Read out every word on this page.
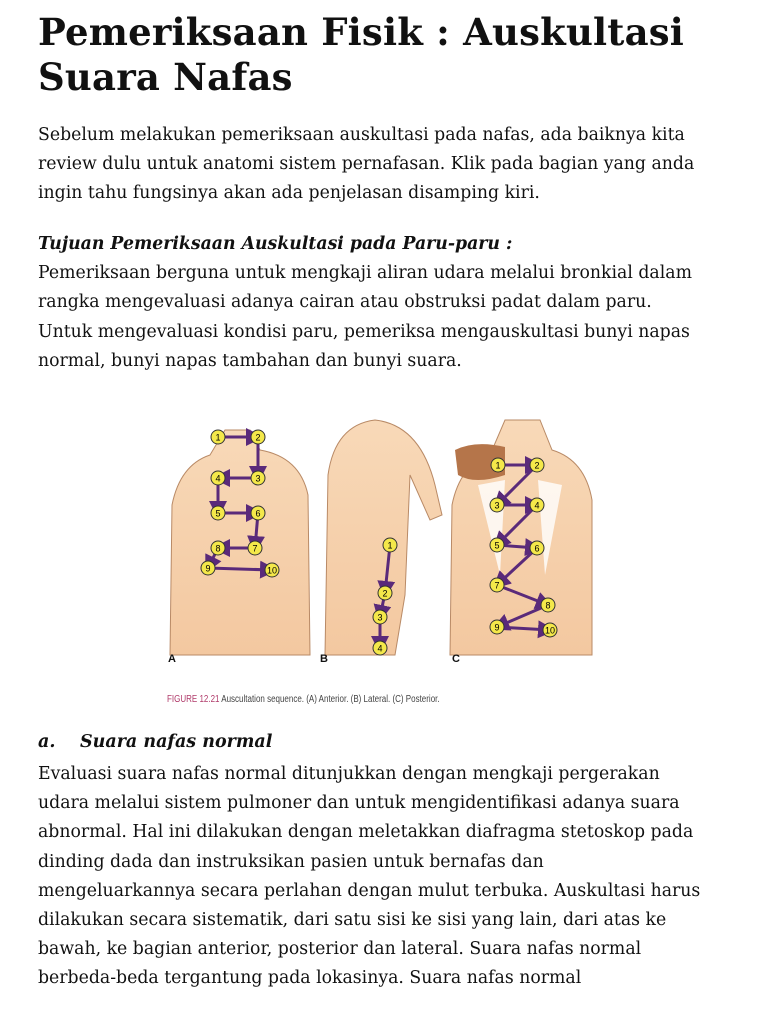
Pemeriksaan Fisik : Auskultasi
Suara Nafas
Sebelum melakukan pemeriksaan auskultasi pada nafas, ada baiknya kita
review dulu untuk anatomi sistem pernafasan. Klik pada bagian yang anda
ingin tahu fungsinya akan ada penjelasan disamping kiri.
Tujuan Pemeriksaan Auskultasi pada Paru-paru :
Pemeriksaan berguna untuk mengkaji aliran udara melalui bronkial dalam
rangka mengevaluasi adanya cairan atau obstruksi padat dalam paru.
Untuk mengevaluasi kondisi paru, pemeriksa mengauskultasi bunyi napas
normal, bunyi napas tambahan dan bunyi suara.
1	2
3
4
5	6
7
8
9	10
1
2
3
4
1	2
3	4
5	6
7
8
9	10
A	B	C
FIGURE 12.21 Auscultation sequence. (A) Anterior. (B) Lateral. (C) Posterior.
a. Suara nafas normal
Evaluasi suara nafas normal ditunjukkan dengan mengkaji pergerakan
udara melalui sistem pulmoner dan untuk mengidentifikasi adanya suara
abnormal. Hal ini dilakukan dengan meletakkan diafragma stetoskop pada
dinding dada dan instruksikan pasien untuk bernafas dan
mengeluarkannya secara perlahan dengan mulut terbuka. Auskultasi harus
dilakukan secara sistematik, dari satu sisi ke sisi yang lain, dari atas ke
bawah, ke bagian anterior, posterior dan lateral. Suara nafas normal
berbeda-beda tergantung pada lokasinya. Suara nafas normal
